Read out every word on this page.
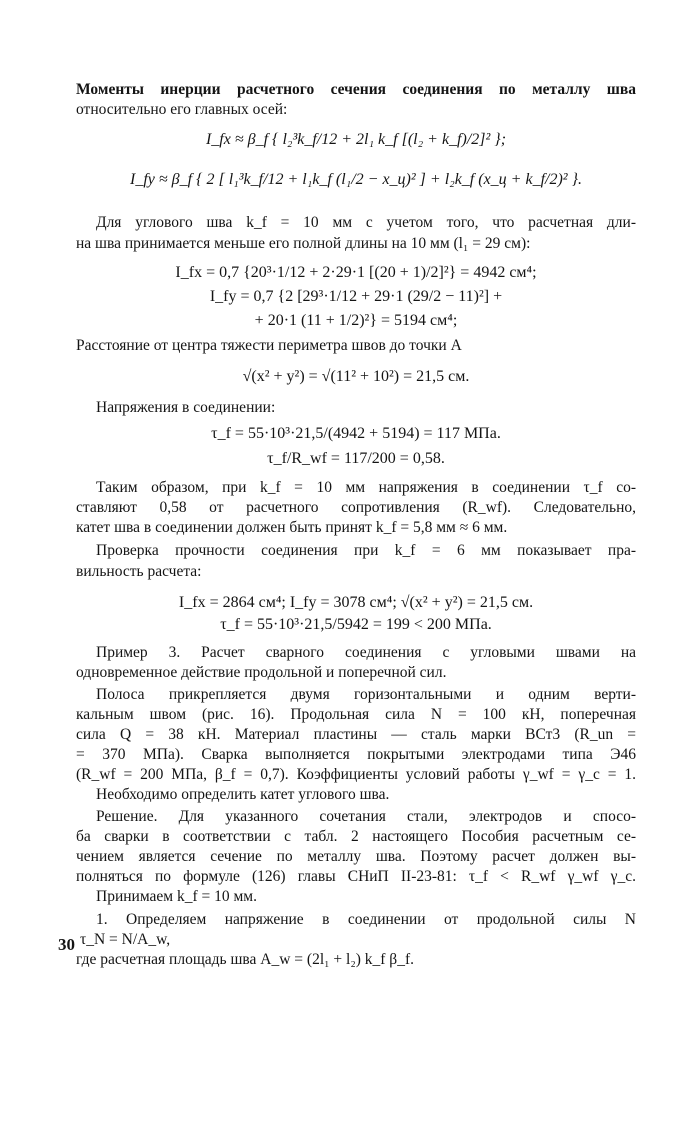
Моменты инерции расчетного сечения соединения по металлу шва
относительно его главных осей:
I_fx ≈ β_f { l₂³k_f/12 + 2l₁ k_f [(l₂ + k_f)/2]² };
I_fy ≈ β_f { 2 [ l₁³k_f/12 + l₁k_f (l₁/2 − x_ц)² ] + l₂k_f (x_ц + k_f/2)² }.
Для углового шва k_f = 10 мм с учетом того, что расчетная дли-
на шва принимается меньше его полной длины на 10 мм (l₁ = 29 см):
I_fx = 0,7 {20³·1/12 + 2·29·1 [(20 + 1)/2]²} = 4942 см⁴;
I_fy = 0,7 {2 [29³·1/12 + 29·1 (29/2 − 11)²] +
+ 20·1 (11 + 1/2)²} = 5194 см⁴;
Расстояние от центра тяжести периметра швов до точки A
√(x² + y²) = √(11² + 10²) = 21,5 см.
Напряжения в соединении:
τ_f = 55·10³·21,5/(4942 + 5194) = 117 МПа.
τ_f/R_wf = 117/200 = 0,58.
Таким образом, при k_f = 10 мм напряжения в соединении τ_f со-
ставляют 0,58 от расчетного сопротивления (R_wf). Следовательно,
катет шва в соединении должен быть принят k_f = 5,8 мм ≈ 6 мм.
Проверка прочности соединения при k_f = 6 мм показывает пра-
вильность расчета:
I_fx = 2864 см⁴; I_fy = 3078 см⁴; √(x² + y²) = 21,5 см.
τ_f = 55·10³·21,5/5942 = 199 < 200 МПа.
Пример 3. Расчет сварного соединения с угловыми швами на
одновременное действие продольной и поперечной сил.
Полоса прикрепляется двумя горизонтальными и одним верти-
кальным швом (рис. 16). Продольная сила N = 100 кН, поперечная
сила Q = 38 кН. Материал пластины — сталь марки ВСт3 (R_un =
= 370 МПа). Сварка выполняется покрытыми электродами типа Э46
(R_wf = 200 МПа, β_f = 0,7). Коэффициенты условий работы γ_wf = γ_c = 1.
Необходимо определить катет углового шва.
Решение. Для указанного сочетания стали, электродов и спосо-
ба сварки в соответствии с табл. 2 настоящего Пособия расчетным се-
чением является сечение по металлу шва. Поэтому расчет должен вы-
полняться по формуле (126) главы СНиП II-23-81: τ_f < R_wf γ_wf γ_c.
Принимаем k_f = 10 мм.
1. Определяем напряжение в соединении от продольной силы N
τ_N = N/A_w,
где расчетная площадь шва A_w = (2l₁ + l₂) k_f β_f.
30
